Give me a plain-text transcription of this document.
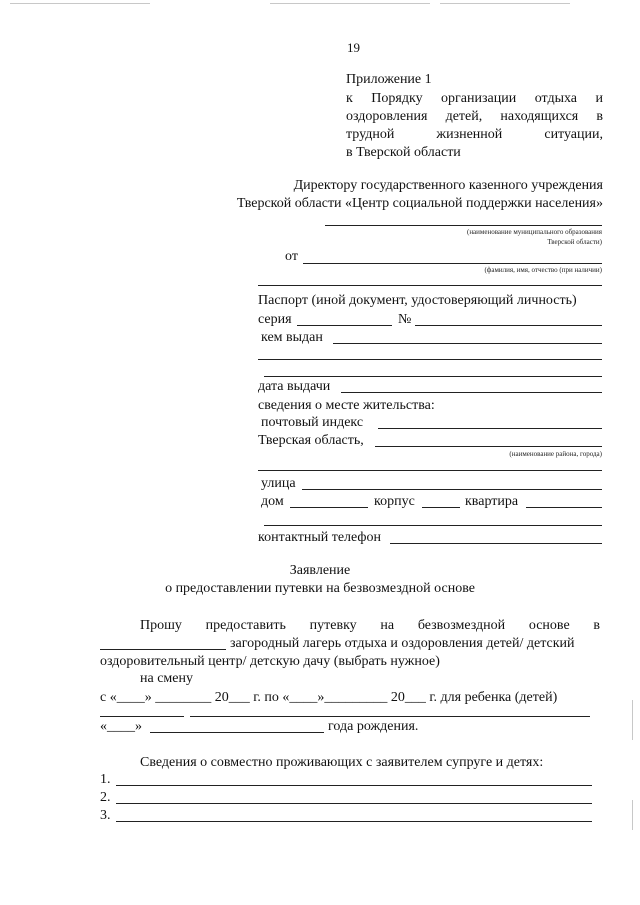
19
Приложение 1
к Порядку организации отдыха и
оздоровления детей, находящихся в
трудной жизненной ситуации,
в Тверской области
Директору государственного казенного учреждения
Тверской области «Центр социальной поддержки населения»
(наименование муниципального образования
Тверской области)
от
(фамилия, имя, отчество (при наличии)
Паспорт (иной документ, удостоверяющий личность)
серия	№
кем выдан
дата выдачи
сведения о месте жительства:
почтовый индекс
Тверская область,
(наименование района, города)
улица
дом	корпус	квартира
контактный телефон
Заявление
о предоставлении путевки на безвозмездной основе
Прошу предоставить путевку на безвозмездной основе в
загородный лагерь отдыха и оздоровления детей/ детский
оздоровительный центр/ детскую дачу (выбрать нужное)
на смену
с «____» ________ 20___ г. по «____»_________ 20___ г. для ребенка (детей)
«____»	года рождения.
Сведения о совместно проживающих с заявителем супруге и детях:
1.
2.
3.
